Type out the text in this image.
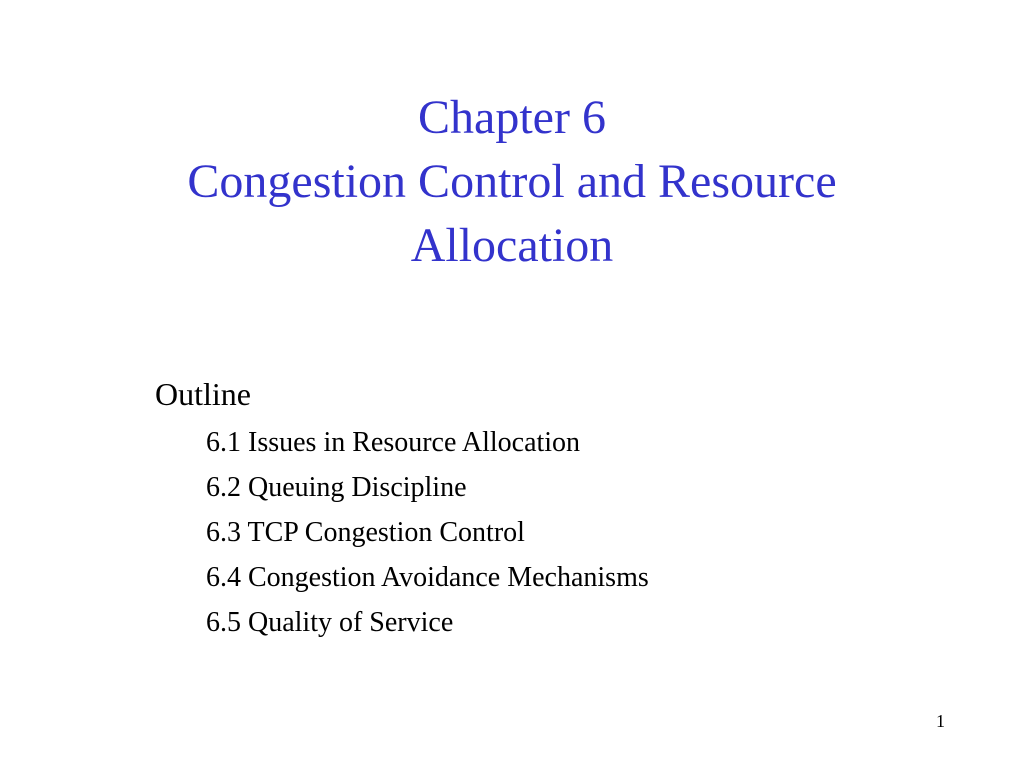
Chapter 6
Congestion Control and Resource
Allocation
Outline
6.1 Issues in Resource Allocation
6.2 Queuing Discipline
6.3 TCP Congestion Control
6.4 Congestion Avoidance Mechanisms
6.5 Quality of Service
1
